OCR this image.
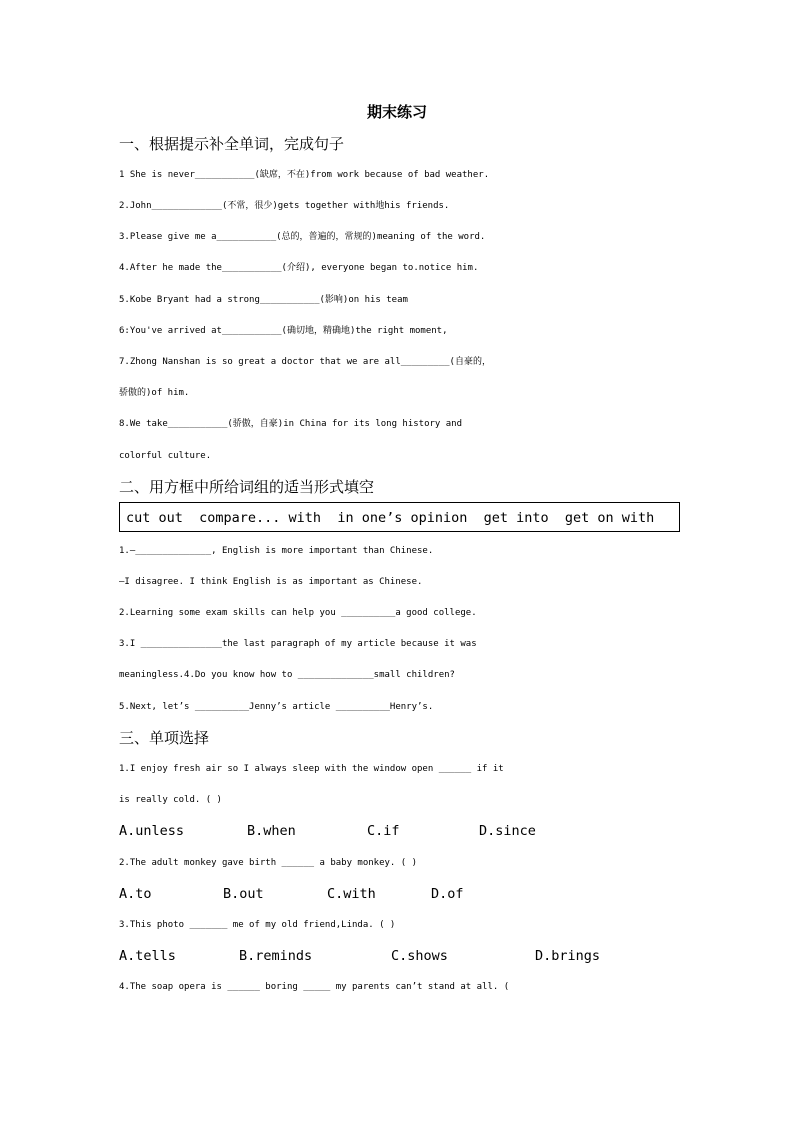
期末练习
一、根据提示补全单词，完成句子
1 She is never___________(缺席，不在)from work because of bad weather.
2.John_____________(不常，很少)gets together with地his friends.
3.Please give me a___________(总的，普遍的，常规的)meaning of the word.
4.After he made the___________(介绍), everyone began to.notice him.
5.Kobe Bryant had a strong___________(影响)on his team
6:You've arrived at___________(确切地，精确地)the right moment,
7.Zhong Nanshan is so great a doctor that we are all_________(自豪的，
骄傲的)of him.
8.We take___________(骄傲，自豪)in China for its long history and
colorful culture.
二、用方框中所给词组的适当形式填空
cut out  compare... with  in one’s opinion  get into  get on with
1.—______________, English is more important than Chinese.
—I disagree. I think English is as important as Chinese.
2.Learning some exam skills can help you __________a good college.
3.I _______________the last paragraph of my article because it was
meaningless.4.Do you know how to ______________small children?
5.Next, let’s __________Jenny’s article __________Henry’s.
三、单项选择
1.I enjoy fresh air so I always sleep with the window open ______ if it
is really cold. ( )
A.unless	B.when	C.if	D.since
2.The adult monkey gave birth ______ a baby monkey. ( )
A.to	B.out	C.with	D.of
3.This photo _______ me of my old friend,Linda. ( )
A.tells	B.reminds	C.shows	D.brings
4.The soap opera is ______ boring _____ my parents can’t stand at all. (
